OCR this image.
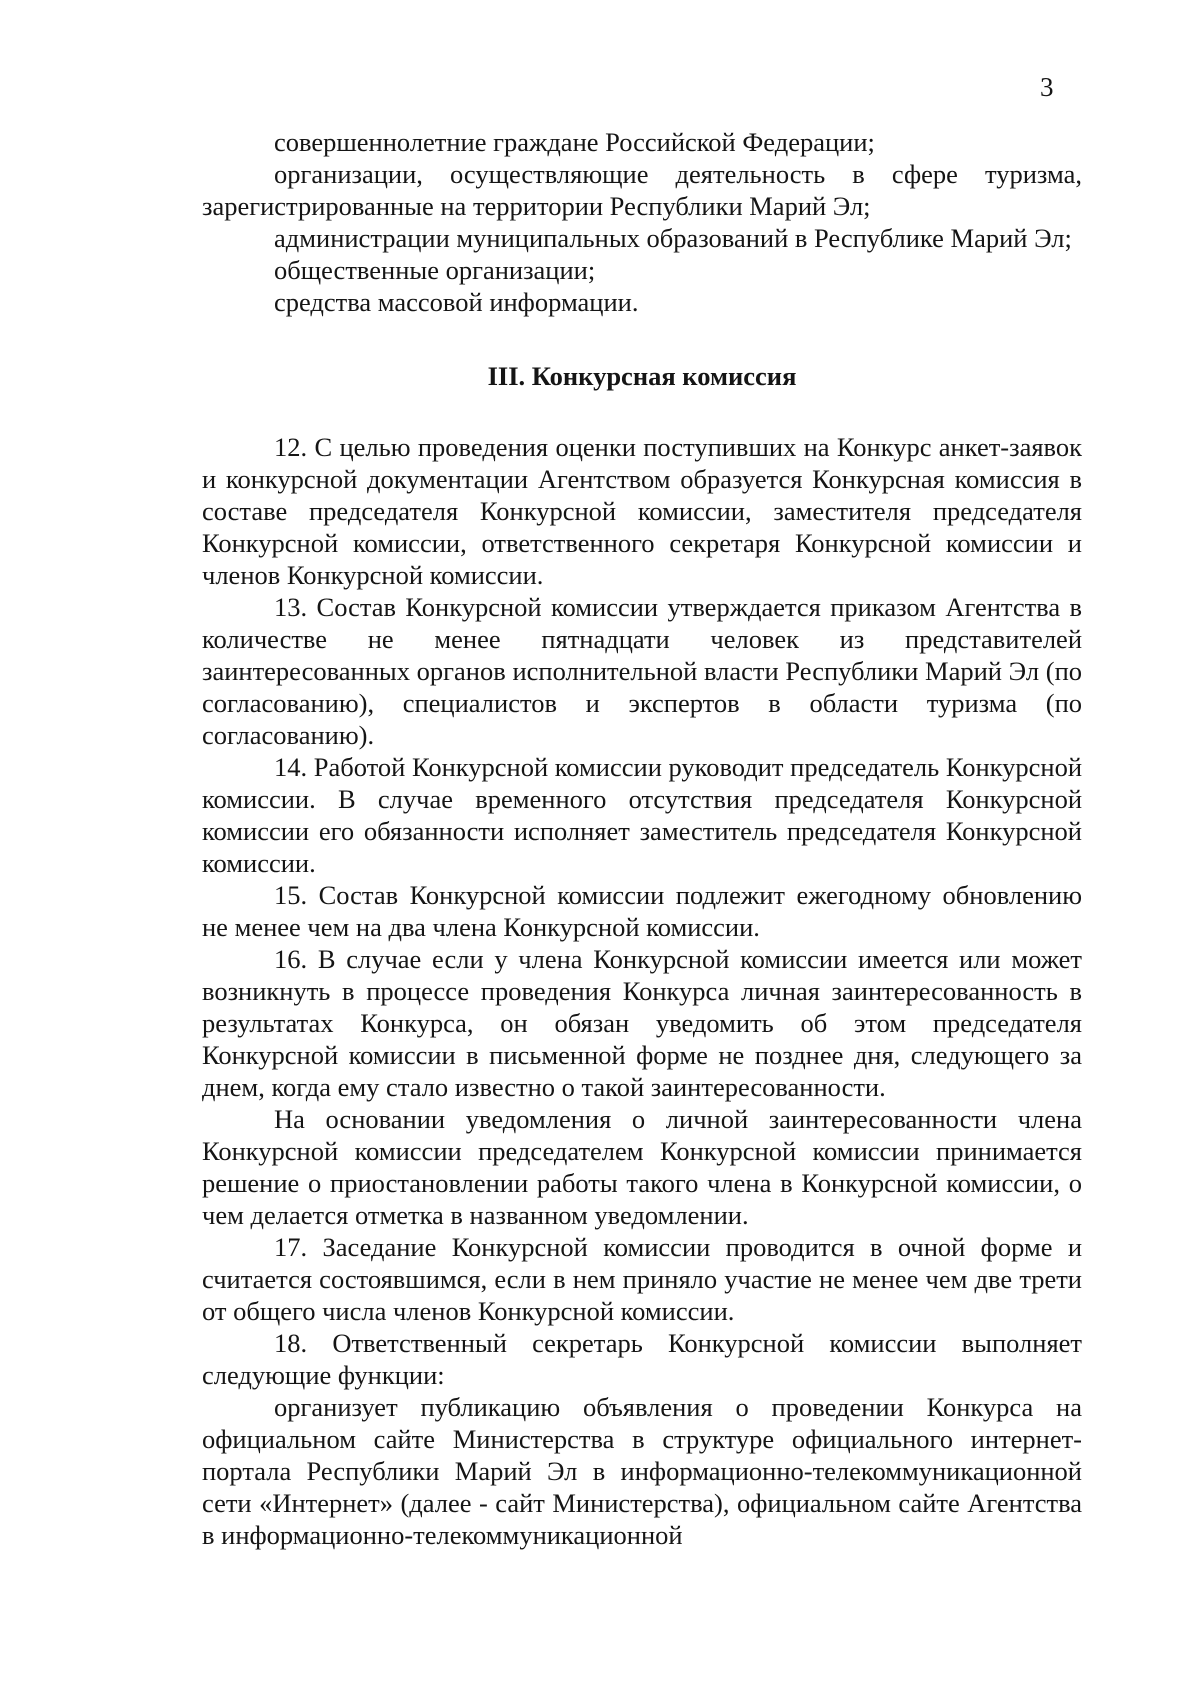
3

совершеннолетние граждане Российской Федерации;

организации, осуществляющие деятельность в сфере туризма, зарегистрированные на территории Республики Марий Эл;

администрации муниципальных образований в Республике Марий Эл;

общественные организации;

средства массовой информации.

III. Конкурсная комиссия

12. С целью проведения оценки поступивших на Конкурс анкет-заявок и конкурсной документации Агентством образуется Конкурсная комиссия в составе председателя Конкурсной комиссии, заместителя председателя Конкурсной комиссии, ответственного секретаря Конкурсной комиссии и членов Конкурсной комиссии.

13. Состав Конкурсной комиссии утверждается приказом Агентства в количестве не менее пятнадцати человек из представителей заинтересованных органов исполнительной власти Республики Марий Эл (по согласованию), специалистов и экспертов в области туризма (по согласованию).

14. Работой Конкурсной комиссии руководит председатель Конкурсной комиссии. В случае временного отсутствия председателя Конкурсной комиссии его обязанности исполняет заместитель председателя Конкурсной комиссии.

15. Состав Конкурсной комиссии подлежит ежегодному обновлению не менее чем на два члена Конкурсной комиссии.

16. В случае если у члена Конкурсной комиссии имеется или может возникнуть в процессе проведения Конкурса личная заинтересованность в результатах Конкурса, он обязан уведомить об этом председателя Конкурсной комиссии в письменной форме не позднее дня, следующего за днем, когда ему стало известно о такой заинтересованности.

На основании уведомления о личной заинтересованности члена Конкурсной комиссии председателем Конкурсной комиссии принимается решение о приостановлении работы такого члена в Конкурсной комиссии, о чем делается отметка в названном уведомлении.

17. Заседание Конкурсной комиссии проводится в очной форме и считается состоявшимся, если в нем приняло участие не менее чем две трети от общего числа членов Конкурсной комиссии.

18. Ответственный секретарь Конкурсной комиссии выполняет следующие функции:

организует публикацию объявления о проведении Конкурса на официальном сайте Министерства в структуре официального интернет-портала Республики Марий Эл в информационно-телекоммуникационной сети «Интернет» (далее - сайт Министерства), официальном сайте Агентства в информационно-телекоммуникационной
